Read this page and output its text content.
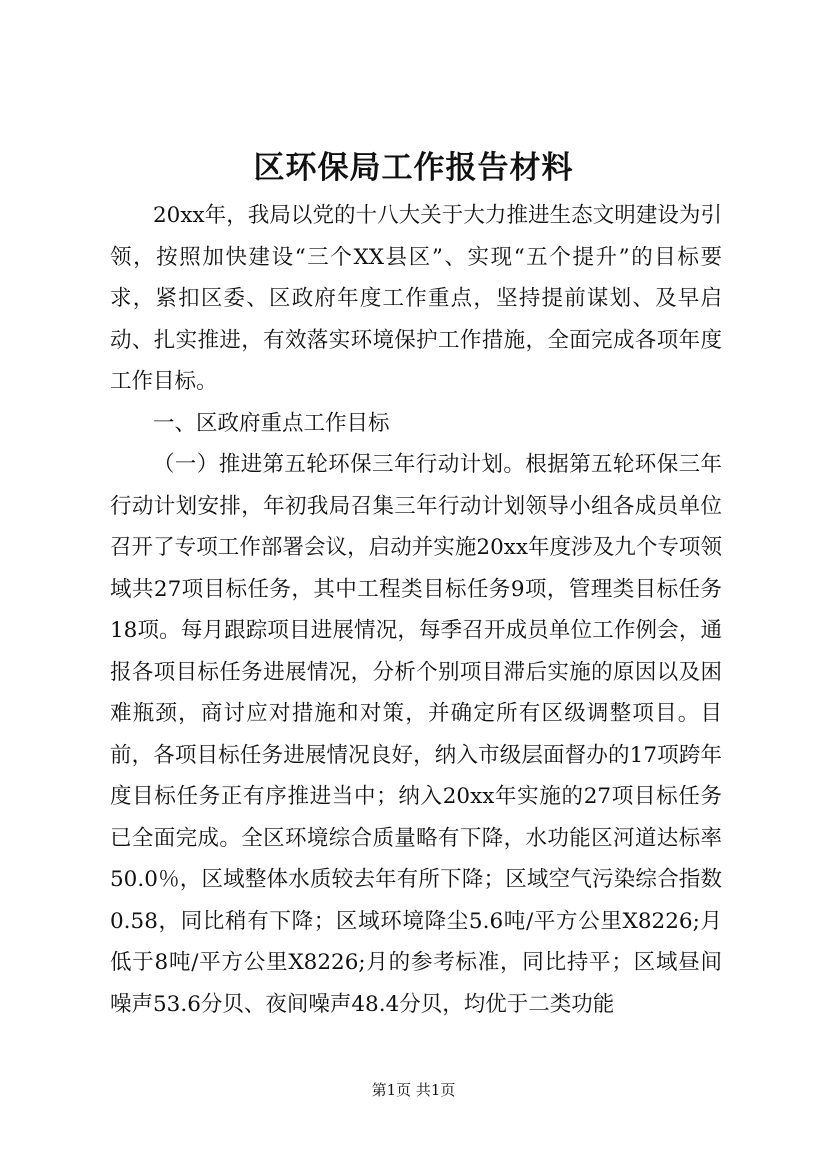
区环保局工作报告材料

20xx年，我局以党的十八大关于大力推进生态文明建设为引领，按照加快建设“三个XX县区”、实现“五个提升”的目标要求，紧扣区委、区政府年度工作重点，坚持提前谋划、及早启动、扎实推进，有效落实环境保护工作措施，全面完成各项年度工作目标。

一、区政府重点工作目标

（一）推进第五轮环保三年行动计划。根据第五轮环保三年行动计划安排，年初我局召集三年行动计划领导小组各成员单位召开了专项工作部署会议，启动并实施20xx年度涉及九个专项领域共27项目标任务，其中工程类目标任务9项，管理类目标任务18项。每月跟踪项目进展情况，每季召开成员单位工作例会，通报各项目标任务进展情况，分析个别项目滞后实施的原因以及困难瓶颈，商讨应对措施和对策，并确定所有区级调整项目。目前，各项目标任务进展情况良好，纳入市级层面督办的17项跨年度目标任务正有序推进当中；纳入20xx年实施的27项目标任务已全面完成。全区环境综合质量略有下降，水功能区河道达标率50.0％，区域整体水质较去年有所下降；区域空气污染综合指数0.58，同比稍有下降；区域环境降尘5.6吨/平方公里X8226;月低于8吨/平方公里X8226;月的参考标准，同比持平；区域昼间噪声53.6分贝、夜间噪声48.4分贝，均优于二类功能

第1页 共1页
